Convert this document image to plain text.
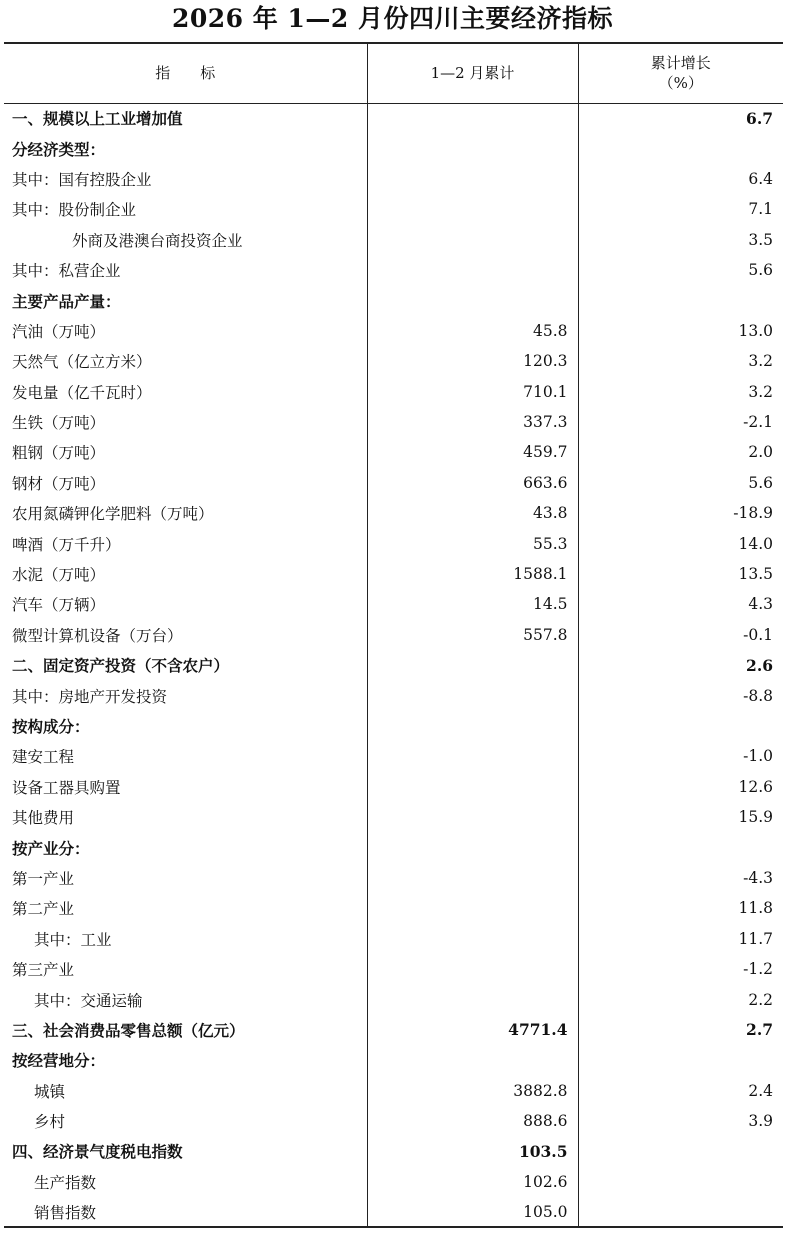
2026 年 1—2 月份四川主要经济指标
指　　标	1—2 月累计	累计增长
（%）

一、规模以上工业增加值		6.7
分经济类型：		
其中：国有控股企业		6.4
其中：股份制企业		7.1
外商及港澳台商投资企业		3.5
其中：私营企业		5.6
主要产品产量：		
汽油（万吨）	45.8	13.0
天然气（亿立方米）	120.3	3.2
发电量（亿千瓦时）	710.1	3.2
生铁（万吨）	337.3	-2.1
粗钢（万吨）	459.7	2.0
钢材（万吨）	663.6	5.6
农用氮磷钾化学肥料（万吨）	43.8	-18.9
啤酒（万千升）	55.3	14.0
水泥（万吨）	1588.1	13.5
汽车（万辆）	14.5	4.3
微型计算机设备（万台）	557.8	-0.1
二、固定资产投资（不含农户）		2.6
其中：房地产开发投资		-8.8
按构成分：		
建安工程		-1.0
设备工器具购置		12.6
其他费用		15.9
按产业分：		
第一产业		-4.3
第二产业		11.8
其中：工业		11.7
第三产业		-1.2
其中：交通运输		2.2
三、社会消费品零售总额（亿元）	4771.4	2.7
按经营地分：		
城镇	3882.8	2.4
乡村	888.6	3.9
四、经济景气度税电指数	103.5	
生产指数	102.6	
销售指数	105.0	
